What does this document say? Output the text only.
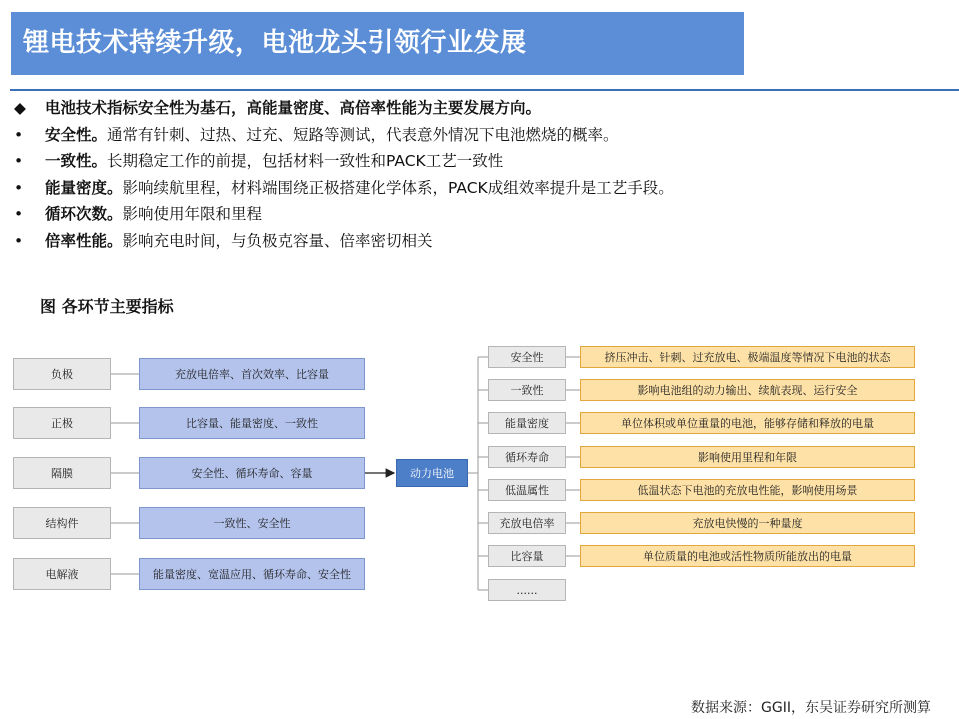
锂电技术持续升级，电池龙头引领行业发展
◆	电池技术指标安全性为基石，高能量密度、高倍率性能为主要发展方向。
•	安全性。通常有针刺、过热、过充、短路等测试，代表意外情况下电池燃烧的概率。
•	一致性。长期稳定工作的前提，包括材料一致性和PACK工艺一致性
•	能量密度。影响续航里程，材料端围绕正极搭建化学体系，PACK成组效率提升是工艺手段。
•	循环次数。影响使用年限和里程
•	倍率性能。影响充电时间，与负极克容量、倍率密切相关
图 各环节主要指标
负极
正极
隔膜
结构件
电解液
充放电倍率、首次效率、比容量
比容量、能量密度、一致性
安全性、循环寿命、容量
一致性、安全性
能量密度、宽温应用、循环寿命、安全性
动力电池
安全性
一致性
能量密度
循环寿命
低温属性
充放电倍率
比容量
......
挤压冲击、针刺、过充放电、极端温度等情况下电池的状态
影响电池组的动力输出、续航表现、运行安全
单位体积或单位重量的电池，能够存储和释放的电量
影响使用里程和年限
低温状态下电池的充放电性能，影响使用场景
充放电快慢的一种量度
单位质量的电池或活性物质所能放出的电量
数据来源：GGII，东吴证券研究所测算
